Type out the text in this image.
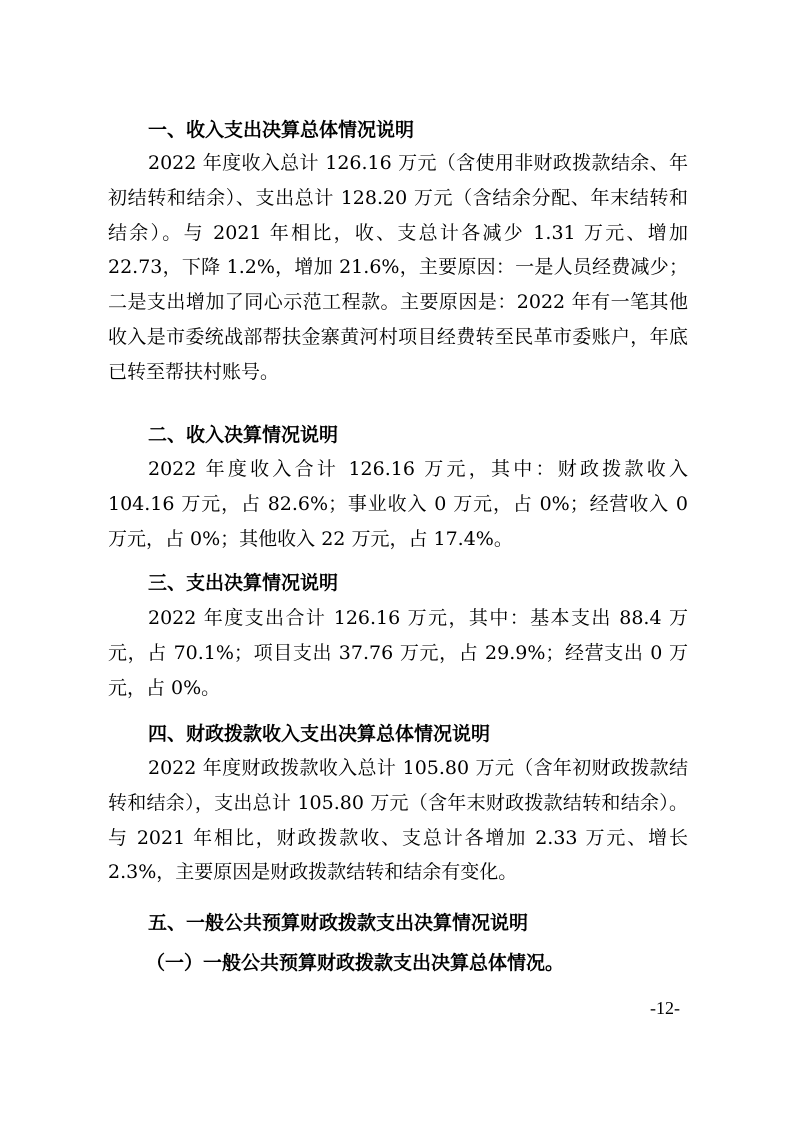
一、收入支出决算总体情况说明

2022 年度收入总计 126.16 万元（含使用非财政拨款结余、年初结转和结余）、支出总计 128.20 万元（含结余分配、年末结转和结余）。与 2021 年相比，收、支总计各减少 1.31 万元、增加 22.73，下降 1.2%，增加 21.6%，主要原因：一是人员经费减少；二是支出增加了同心示范工程款。主要原因是：2022 年有一笔其他收入是市委统战部帮扶金寨黄河村项目经费转至民革市委账户，年底已转至帮扶村账号。

二、收入决算情况说明

2022 年度收入合计 126.16 万元，其中：财政拨款收入 104.16 万元，占 82.6%；事业收入 0 万元，占 0%；经营收入 0 万元，占 0%；其他收入 22 万元，占 17.4%。

三、支出决算情况说明

2022 年度支出合计 126.16 万元，其中：基本支出 88.4 万元，占 70.1%；项目支出 37.76 万元，占 29.9%；经营支出 0 万元，占 0%。

四、财政拨款收入支出决算总体情况说明

2022 年度财政拨款收入总计 105.80 万元（含年初财政拨款结转和结余），支出总计 105.80 万元（含年末财政拨款结转和结余）。与 2021 年相比，财政拨款收、支总计各增加 2.33 万元、增长 2.3%，主要原因是财政拨款结转和结余有变化。

五、一般公共预算财政拨款支出决算情况说明
（一）一般公共预算财政拨款支出决算总体情况。
-12-
